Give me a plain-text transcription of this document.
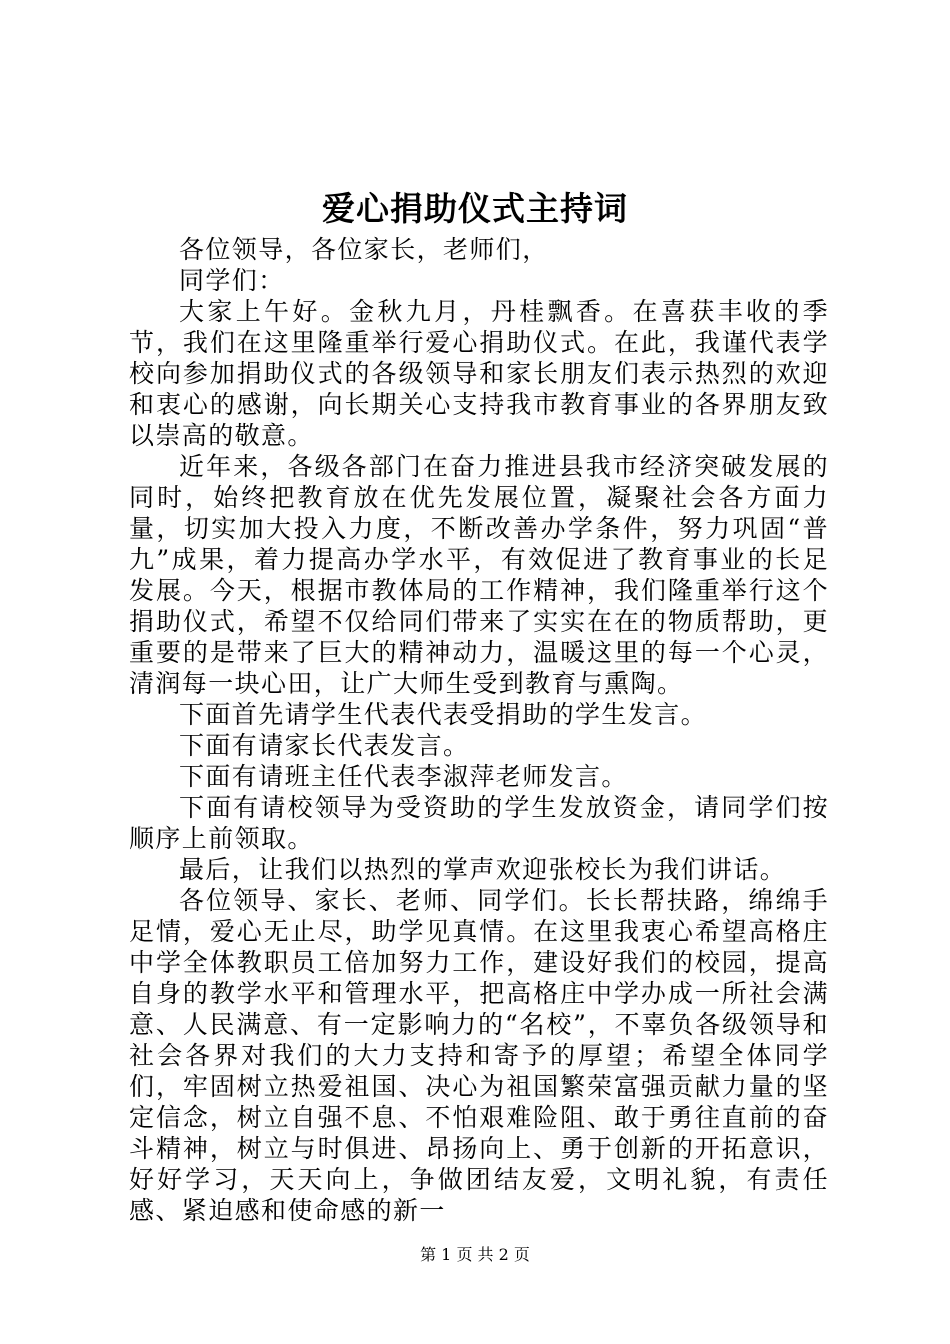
爱心捐助仪式主持词

各位领导，各位家长，老师们，

同学们：

大家上午好。金秋九月，丹桂飘香。在喜获丰收的季节，我们在这里隆重举行爱心捐助仪式。在此，我谨代表学校向参加捐助仪式的各级领导和家长朋友们表示热烈的欢迎和衷心的感谢，向长期关心支持我市教育事业的各界朋友致以崇高的敬意。

近年来，各级各部门在奋力推进县我市经济突破发展的同时，始终把教育放在优先发展位置，凝聚社会各方面力量，切实加大投入力度，不断改善办学条件，努力巩固“普九”成果，着力提高办学水平，有效促进了教育事业的长足发展。今天，根据市教体局的工作精神，我们隆重举行这个捐助仪式，希望不仅给同们带来了实实在在的物质帮助，更重要的是带来了巨大的精神动力，温暖这里的每一个心灵，清润每一块心田，让广大师生受到教育与熏陶。

下面首先请学生代表代表受捐助的学生发言。

下面有请家长代表发言。

下面有请班主任代表李淑萍老师发言。

下面有请校领导为受资助的学生发放资金，请同学们按顺序上前领取。

最后，让我们以热烈的掌声欢迎张校长为我们讲话。

各位领导、家长、老师、同学们。长长帮扶路，绵绵手足情，爱心无止尽，助学见真情。在这里我衷心希望高格庄中学全体教职员工倍加努力工作，建设好我们的校园，提高自身的教学水平和管理水平，把高格庄中学办成一所社会满意、人民满意、有一定影响力的“名校”，不辜负各级领导和社会各界对我们的大力支持和寄予的厚望；希望全体同学们，牢固树立热爱祖国、决心为祖国繁荣富强贡献力量的坚定信念，树立自强不息、不怕艰难险阻、敢于勇往直前的奋斗精神，树立与时俱进、昂扬向上、勇于创新的开拓意识，好好学习，天天向上，争做团结友爱，文明礼貌，有责任感、紧迫感和使命感的新一

第 1 页 共 2 页
